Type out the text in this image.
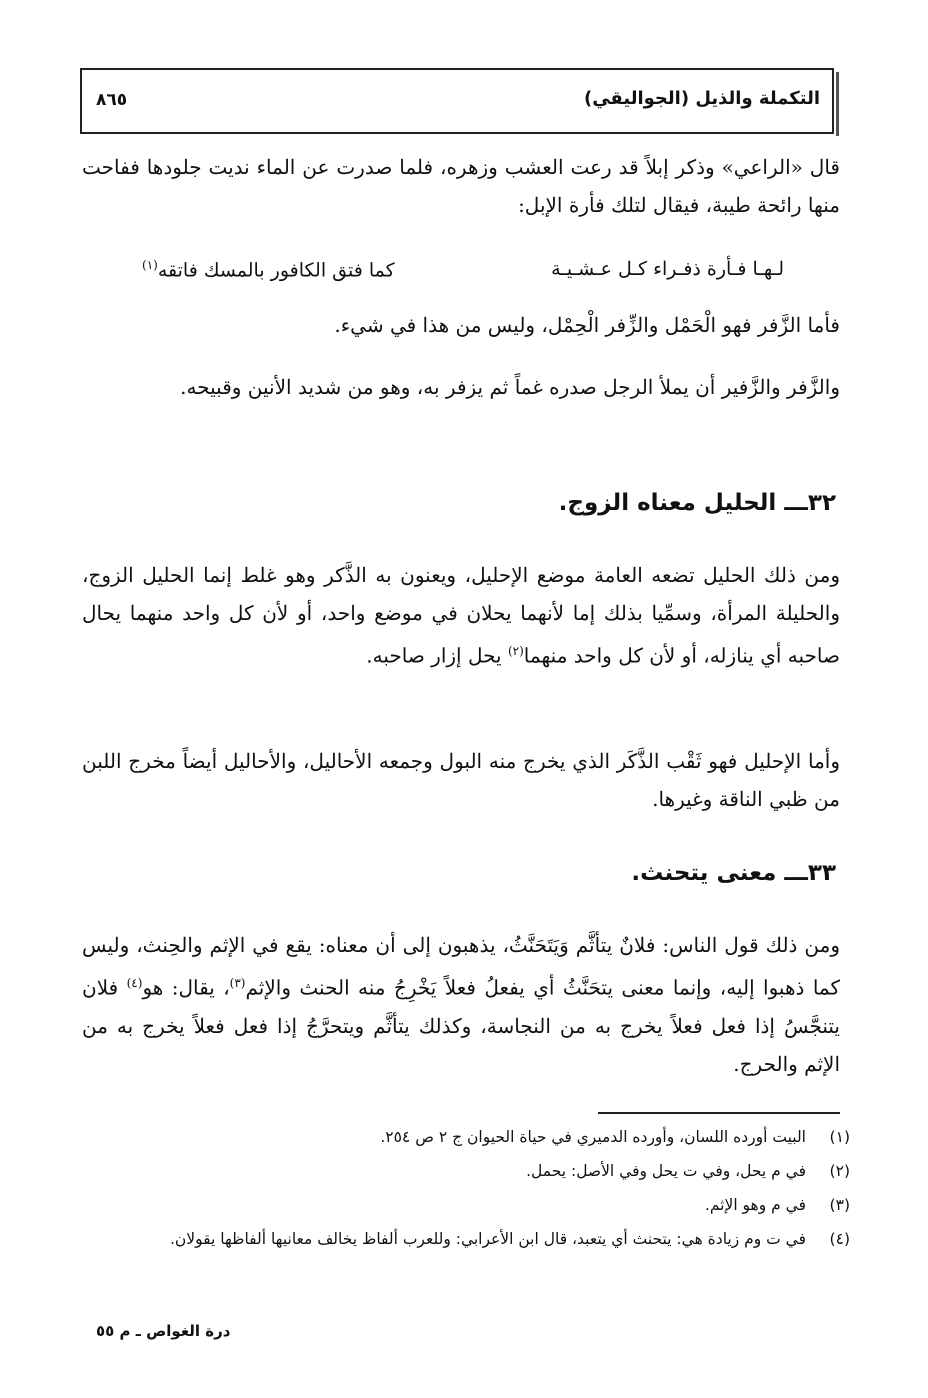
التكملة والذيل (الجواليقي)
٨٦٥
قال «الراعي» وذكر إبلاً قد رعت العشب وزهره، فلما صدرت عن الماء نديت جلودها ففاحت منها رائحة طيبة، فيقال لتلك فأرة الإبل:
لـهـا فـأرة ذفـراء كـل عـشـيـة
كما فتق الكافور بالمسك فاتقه$^{(١)}$
فأما الزَّفر فهو الْحَمْل والزِّفر الْحِمْل، وليس من هذا في شيء.
والزَّفر والزَّفير أن يملأ الرجل صدره غماً ثم يزفر به، وهو من شديد الأنين وقبيحه.
٣٢ـــ الحليل معناه الزوج.
ومن ذلك الحليل تضعه العامة موضع الإحليل، ويعنون به الذَّكر وهو غلط إنما الحليل الزوج، والحليلة المرأة، وسمِّيا بذلك إما لأنهما يحلان في موضع واحد، أو لأن كل واحد منهما يحال صاحبه أي ينازله، أو لأن كل واحد منهما$^{(٢)}$ يحل إزار صاحبه.
وأما الإحليل فهو ثَقْب الذَّكَر الذي يخرج منه البول وجمعه الأحاليل، والأحاليل أيضاً مخرج اللبن من ظبي الناقة وغيرها.
٣٣ـــ معنى يتحنث.
ومن ذلك قول الناس: فلانٌ يتأثَّم وَيَتَحَنَّثُ، يذهبون إلى أن معناه: يقع في الإثم والحِنث، وليس كما ذهبوا إليه، وإنما معنى يتحَنَّثُ أي يفعلُ فعلاً يَخْرِجُ منه الحنث والإثم$^{(٣)}$، يقال: هو$^{(٤)}$ فلان يتنجَّسُ إذا فعل فعلاً يخرج به من النجاسة، وكذلك يتأثَّم ويتحرَّجُ إذا فعل فعلاً يخرج به من الإثم والحرج.
(١)
البيت أورده اللسان، وأورده الدميري في حياة الحيوان ج ٢ ص ٢٥٤.
(٢)
في م يحل، وفي ت يحل وفي الأصل: يحمل.
(٣)
في م وهو الإثم.
(٤)
في ت وم زيادة هي: يتحنث أي يتعبد، قال ابن الأعرابي: وللعرب ألفاظ يخالف معانيها ألفاظها يقولان.
درة الغواص ـ م ٥٥
